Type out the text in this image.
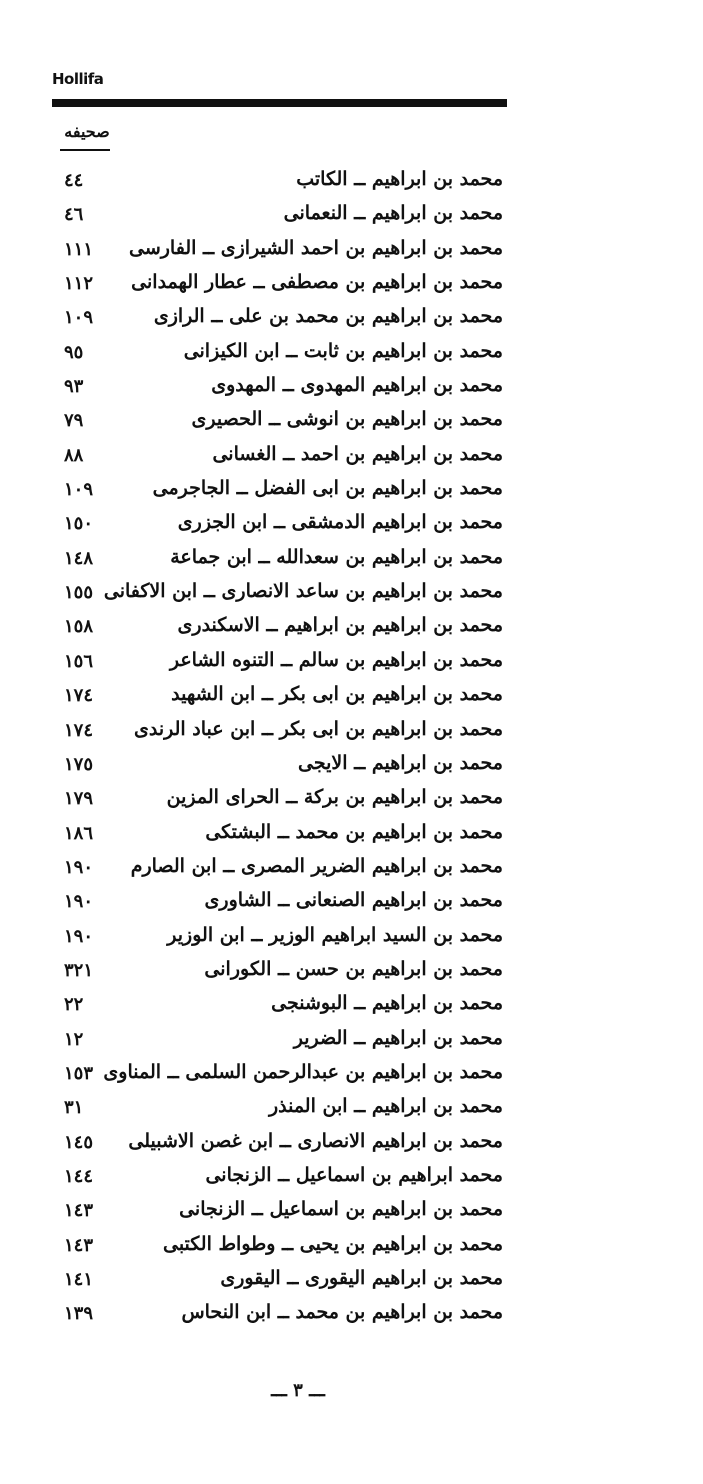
Hollifa
صحيفه
محمد بن ابراهيم ــ الكاتب
٤٤
محمد بن ابراهيم ــ النعمانى
٤٦
محمد بن ابراهيم بن احمد الشيرازى ــ الفارسى
١١١
محمد بن ابراهيم بن مصطفى ــ عطار الهمدانى
١١٢
محمد بن ابراهيم بن محمد بن على ــ الرازى
١٠٩
محمد بن ابراهيم بن ثابت ــ ابن الكيزانى
٩٥
محمد بن ابراهيم المهدوى ــ المهدوى
٩٣
محمد بن ابراهيم بن انوشى ــ الحصيرى
٧٩
محمد بن ابراهيم بن احمد ــ الغسانى
٨٨
محمد بن ابراهيم بن ابى الفضل ــ الجاجرمى
١٠٩
محمد بن ابراهيم الدمشقى ــ ابن الجزرى
١٥٠
محمد بن ابراهيم بن سعدالله ــ ابن جماعة
١٤٨
محمد بن ابراهيم بن ساعد الانصارى ــ ابن الاكفانى
١٥٥
محمد بن ابراهيم بن ابراهيم ــ الاسكندرى
١٥٨
محمد بن ابراهيم بن سالم ــ التنوه الشاعر
١٥٦
محمد بن ابراهيم بن ابى بكر ــ ابن الشهيد
١٧٤
محمد بن ابراهيم بن ابى بكر ــ ابن عباد الرندى
١٧٤
محمد بن ابراهيم ــ الايجى
١٧٥
محمد بن ابراهيم بن بركة ــ الحراى المزين
١٧٩
محمد بن ابراهيم بن محمد ــ البشتكى
١٨٦
محمد بن ابراهيم الضرير المصرى ــ ابن الصارم
١٩٠
محمد بن ابراهيم الصنعانى ــ الشاورى
١٩٠
محمد بن السيد ابراهيم الوزير ــ ابن الوزير
١٩٠
محمد بن ابراهيم بن حسن ــ الكورانى
٣٢١
محمد بن ابراهيم ــ البوشنجى
٢٢
محمد بن ابراهيم ــ الضرير
١٢
محمد بن ابراهيم بن عبدالرحمن السلمى ــ المناوى
١٥٣
محمد بن ابراهيم ــ ابن المنذر
٣١
محمد بن ابراهيم الانصارى ــ ابن غصن الاشبيلى
١٤٥
محمد ابراهيم بن اسماعيل ــ الزنجانى
١٤٤
محمد بن ابراهيم بن اسماعيل ــ الزنجانى
١٤٣
محمد بن ابراهيم بن يحيى ــ وطواط الكتبى
١٤٣
محمد بن ابراهيم اليقورى ــ اليقورى
١٤١
محمد بن ابراهيم بن محمد ــ ابن النحاس
١٣٩
ـــ ٣ ـــ
